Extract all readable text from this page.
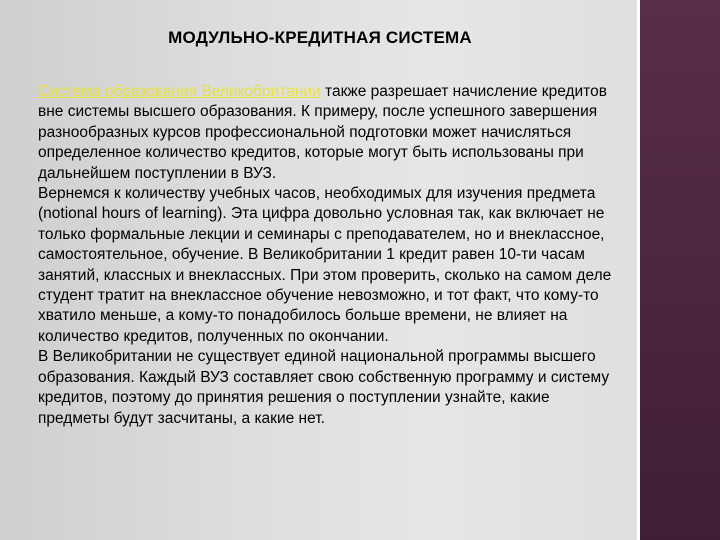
МОДУЛЬНО-КРЕДИТНАЯ СИСТЕМА

Система образования Великобритании также разрешает начисление кредитов вне системы высшего образования. К примеру, после успешного завершения разнообразных курсов профессиональной подготовки может начисляться определенное количество кредитов, которые могут быть использованы при дальнейшем поступлении в ВУЗ.

Вернемся к количеству учебных часов, необходимых для изучения предмета (notional hours of learning). Эта цифра довольно условная так, как включает не только формальные лекции и семинары с преподавателем, но и внеклассное, самостоятельное, обучение. В Великобритании 1 кредит равен 10-ти часам занятий, классных и внеклассных. При этом проверить, сколько на самом деле студент тратит на внеклассное обучение невозможно, и тот факт, что кому-то хватило меньше, а кому-то понадобилось больше времени, не влияет на количество кредитов, полученных по окончании.

В Великобритании не существует единой национальной программы высшего образования. Каждый ВУЗ составляет свою собственную программу и систему кредитов, поэтому до принятия решения о поступлении узнайте, какие предметы будут засчитаны, а какие нет.
